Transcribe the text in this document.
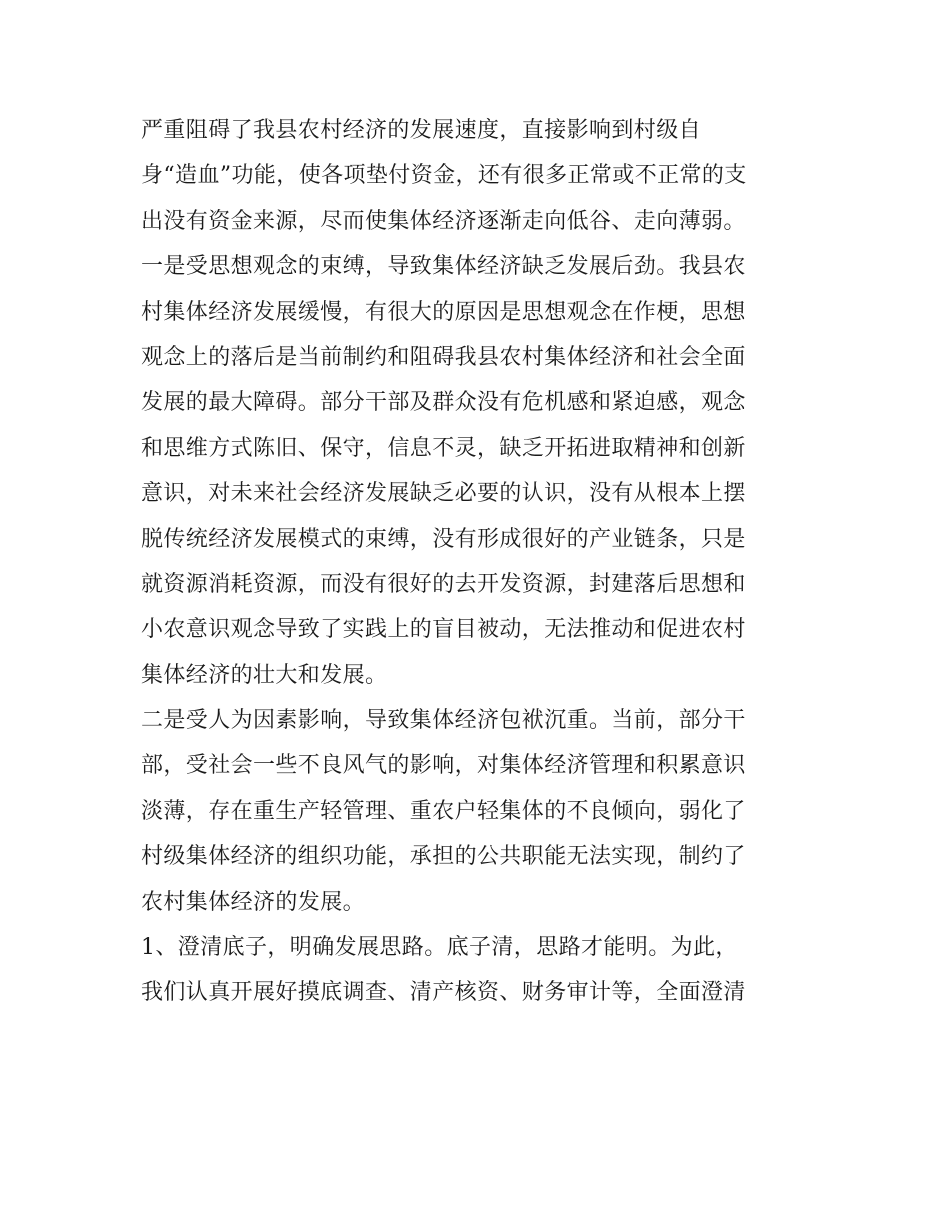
严重阻碍了我县农村经济的发展速度，直接影响到村级自
身“造血”功能，使各项垫付资金，还有很多正常或不正常的支
出没有资金来源，尽而使集体经济逐渐走向低谷、走向薄弱。
一是受思想观念的束缚，导致集体经济缺乏发展后劲。我县农
村集体经济发展缓慢，有很大的原因是思想观念在作梗，思想
观念上的落后是当前制约和阻碍我县农村集体经济和社会全面
发展的最大障碍。部分干部及群众没有危机感和紧迫感，观念
和思维方式陈旧、保守，信息不灵，缺乏开拓进取精神和创新
意识，对未来社会经济发展缺乏必要的认识，没有从根本上摆
脱传统经济发展模式的束缚，没有形成很好的产业链条，只是
就资源消耗资源，而没有很好的去开发资源，封建落后思想和
小农意识观念导致了实践上的盲目被动，无法推动和促进农村
集体经济的壮大和发展。
二是受人为因素影响，导致集体经济包袱沉重。当前，部分干
部，受社会一些不良风气的影响，对集体经济管理和积累意识
淡薄，存在重生产轻管理、重农户轻集体的不良倾向，弱化了
村级集体经济的组织功能，承担的公共职能无法实现，制约了
农村集体经济的发展。
1、澄清底子，明确发展思路。底子清，思路才能明。为此，
我们认真开展好摸底调查、清产核资、财务审计等，全面澄清
